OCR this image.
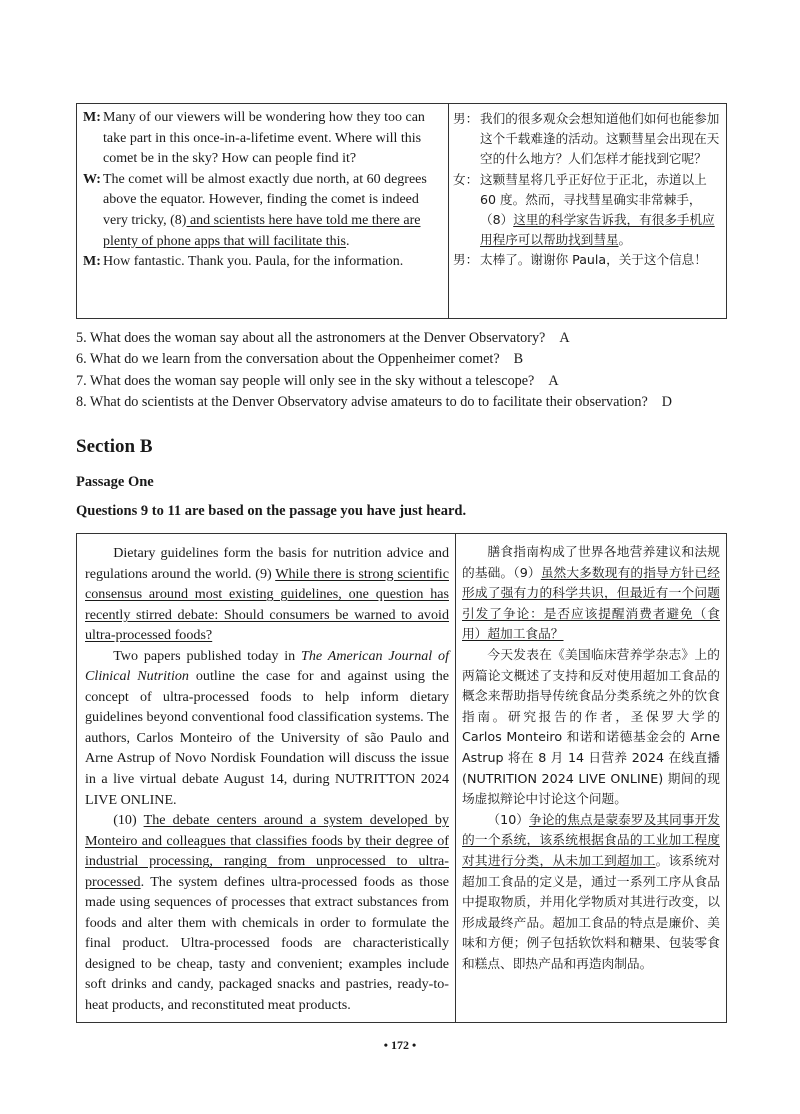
M: Many of our viewers will be wondering how they too can take part in this once-in-a-lifetime event. Where will this comet be in the sky? How can people find it?
W: The comet will be almost exactly due north, at 60 degrees above the equator. However, finding the comet is indeed very tricky, (8) and scientists here have told me there are plenty of phone apps that will facilitate this.
M: How fantastic. Thank you. Paula, for the information.
男： 我们的很多观众会想知道他们如何也能参加这个千载难逢的活动。这颗彗星会出现在天空的什么地方？人们怎样才能找到它呢？
女： 这颗彗星将几乎正好位于正北，赤道以上 60 度。然而，寻找彗星确实非常棘手，（8）这里的科学家告诉我，有很多手机应用程序可以帮助找到彗星。
男： 太棒了。谢谢你 Paula，关于这个信息！
5. What does the woman say about all the astronomers at the Denver Observatory? A
6. What do we learn from the conversation about the Oppenheimer comet? B
7. What does the woman say people will only see in the sky without a telescope? A
8. What do scientists at the Denver Observatory advise amateurs to do to facilitate their observation? D
Section B
Passage One
Questions 9 to 11 are based on the passage you have just heard.

Dietary guidelines form the basis for nutrition advice and regulations around the world. (9) While there is strong scientific consensus around most existing guidelines, one question has recently stirred debate: Should consumers be warned to avoid ultra-processed foods?

Two papers published today in The American Journal of Clinical Nutrition outline the case for and against using the concept of ultra-processed foods to help inform dietary guidelines beyond conventional food classification systems. The authors, Carlos Monteiro of the University of são Paulo and Arne Astrup of Novo Nordisk Foundation will discuss the issue in a live virtual debate August 14, during NUTRITTON 2024 LIVE ONLINE.

(10) The debate centers around a system developed by Monteiro and colleagues that classifies foods by their degree of industrial processing, ranging from unprocessed to ultra-processed. The system defines ultra-processed foods as those made using sequences of processes that extract substances from foods and alter them with chemicals in order to formulate the final product. Ultra-processed foods are characteristically designed to be cheap, tasty and convenient; examples include soft drinks and candy, packaged snacks and pastries, ready-to-heat products, and reconstituted meat products.

膳食指南构成了世界各地营养建议和法规的基础。（9）虽然大多数现有的指导方针已经形成了强有力的科学共识，但最近有一个问题引发了争论：是否应该提醒消费者避免（食用）超加工食品？

今天发表在《美国临床营养学杂志》上的两篇论文概述了支持和反对使用超加工食品的概念来帮助指导传统食品分类系统之外的饮食指南。研究报告的作者，圣保罗大学的 Carlos Monteiro 和诺和诺德基金会的 Arne Astrup 将在 8 月 14 日营养 2024 在线直播 (NUTRITION 2024 LIVE ONLINE) 期间的现场虚拟辩论中讨论这个问题。

（10）争论的焦点是蒙泰罗及其同事开发的一个系统，该系统根据食品的工业加工程度对其进行分类，从未加工到超加工。该系统对超加工食品的定义是，通过一系列工序从食品中提取物质，并用化学物质对其进行改变，以形成最终产品。超加工食品的特点是廉价、美味和方便；例子包括软饮料和糖果、包装零食和糕点、即热产品和再造肉制品。

• 172 •
